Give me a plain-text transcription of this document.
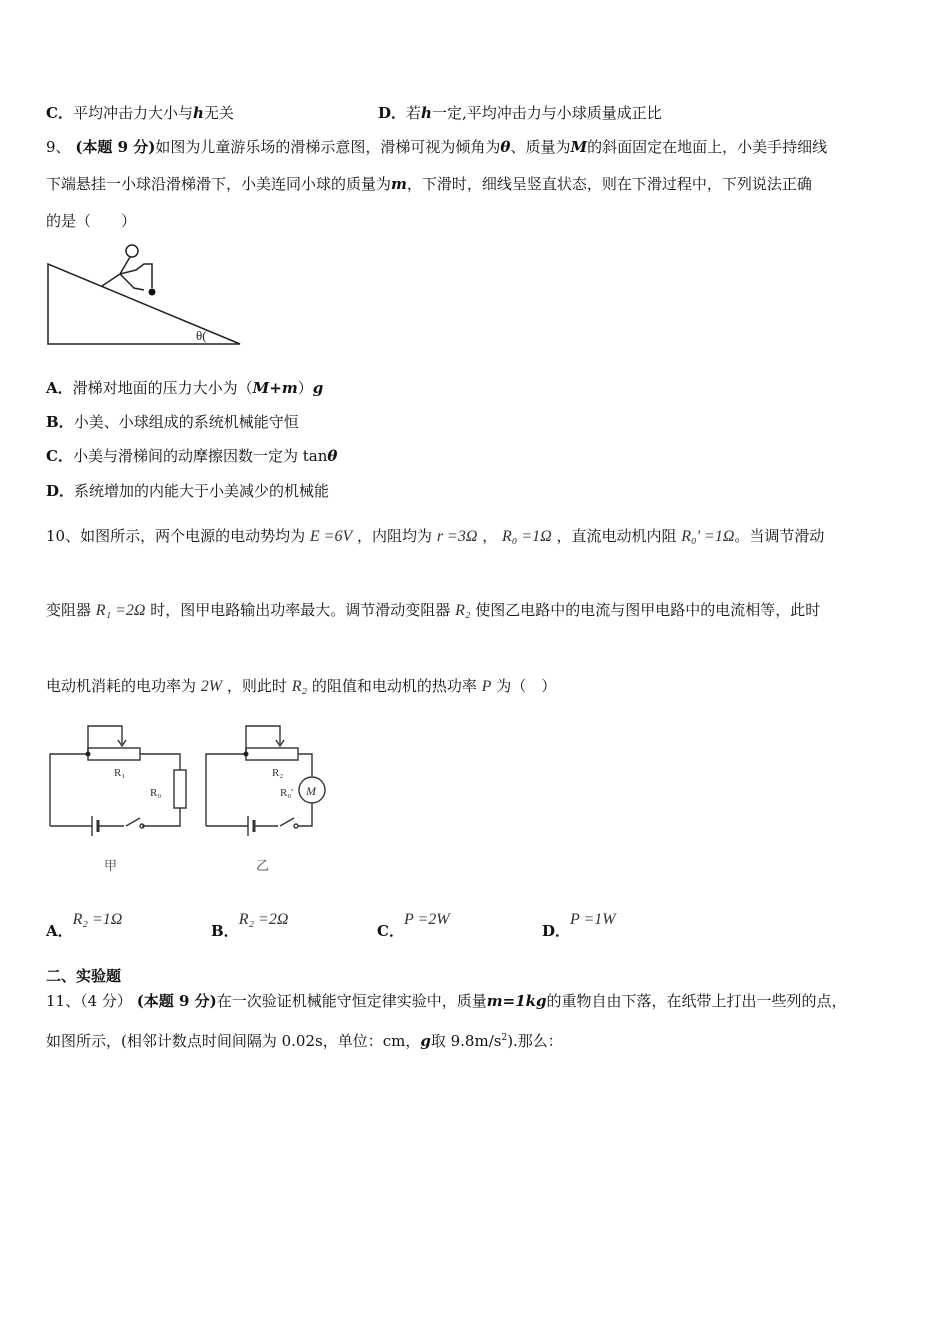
C．平均冲击力大小与h无关	D．若h一定,平均冲击力与小球质量成正比
9、 (本题 9 分)如图为儿童游乐场的滑梯示意图，滑梯可视为倾角为θ、质量为M的斜面固定在地面上，小美手持细线
下端悬挂一小球沿滑梯滑下，小美连同小球的质量为m，下滑时，细线呈竖直状态，则在下滑过程中，下列说法正确
的是（　　）
θ(
A．滑梯对地面的压力大小为（M+m）g
B．小美、小球组成的系统机械能守恒
C．小美与滑梯间的动摩擦因数一定为 tanθ
D．系统增加的内能大于小美减少的机械能
10、如图所示，两个电源的电动势均为 E =6V ，内阻均为 r =3Ω ， R₀ =1Ω ，直流电动机内阻 R₀' =1Ω。当调节滑动
变阻器 R₁ =2Ω 时，图甲电路输出功率最大。调节滑动变阻器 R₂ 使图乙电路中的电流与图甲电路中的电流相等，此时
电动机消耗的电功率为 2W ，则此时 R₂ 的阻值和电动机的热功率 P 为（　）
R₁
R₀
甲
R₂
R₀' M
乙
A．R₂ =1Ω
B．R₂ =2Ω
C．P =2W
D．P =1W
二、实验题
11、（4 分） (本题 9 分)在一次验证机械能守恒定律实验中，质量m=1kg的重物自由下落，在纸带上打出一些列的点，
如图所示，(相邻计数点时间间隔为 0.02s，单位：cm，g取 $9.8m/s^2$).那么：
